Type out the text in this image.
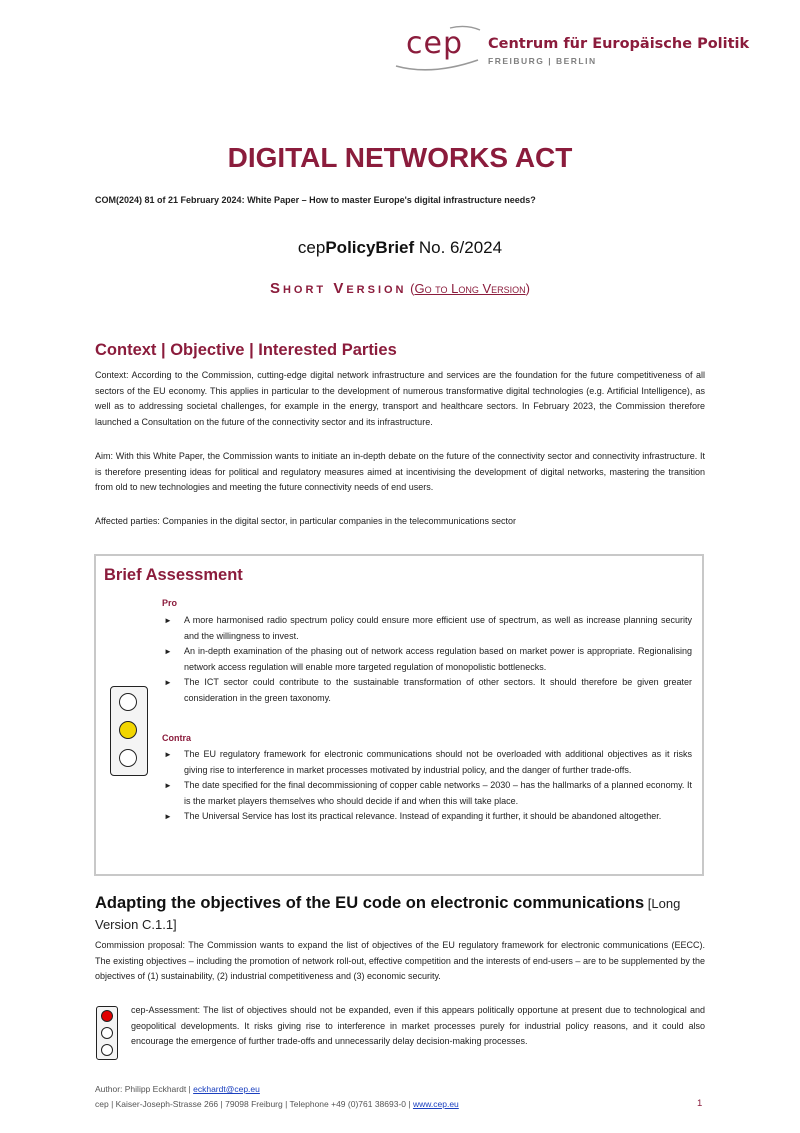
cep Centrum für Europäische Politik
FREIBURG | BERLIN
DIGITAL NETWORKS ACT
COM(2024) 81 of 21 February 2024: White Paper – How to master Europe's digital infrastructure needs?
cepPolicyBrief No. 6/2024
Short Version (Go to Long Version)
Context | Objective | Interested Parties
Context: According to the Commission, cutting-edge digital network infrastructure and services are the foundation for the future competitiveness of all sectors of the EU economy. This applies in particular to the development of numerous transformative digital technologies (e.g. Artificial Intelligence), as well as to addressing societal challenges, for example in the energy, transport and healthcare sectors. In February 2023, the Commission therefore launched a Consultation on the future of the connectivity sector and its infrastructure.
Aim: With this White Paper, the Commission wants to initiate an in-depth debate on the future of the connectivity sector and connectivity infrastructure. It is therefore presenting ideas for political and regulatory measures aimed at incentivising the development of digital networks, mastering the transition from old to new technologies and meeting the future connectivity needs of end users.
Affected parties: Companies in the digital sector, in particular companies in the telecommunications sector
Brief Assessment
Pro
► A more harmonised radio spectrum policy could ensure more efficient use of spectrum, as well as increase planning security and the willingness to invest.
► An in-depth examination of the phasing out of network access regulation based on market power is appropriate. Regionalising network access regulation will enable more targeted regulation of monopolistic bottlenecks.
► The ICT sector could contribute to the sustainable transformation of other sectors. It should therefore be given greater consideration in the green taxonomy.
Contra
► The EU regulatory framework for electronic communications should not be overloaded with additional objectives as it risks giving rise to interference in market processes motivated by industrial policy, and the danger of further trade-offs.
► The date specified for the final decommissioning of copper cable networks – 2030 – has the hallmarks of a planned economy. It is the market players themselves who should decide if and when this will take place.
► The Universal Service has lost its practical relevance. Instead of expanding it further, it should be abandoned altogether.
Adapting the objectives of the EU code on electronic communications [Long Version C.1.1]
Commission proposal: The Commission wants to expand the list of objectives of the EU regulatory framework for electronic communications (EECC). The existing objectives – including the promotion of network roll-out, effective competition and the interests of end-users – are to be supplemented by the objectives of (1) sustainability, (2) industrial competitiveness and (3) economic security.
cep-Assessment: The list of objectives should not be expanded, even if this appears politically opportune at present due to technological and geopolitical developments. It risks giving rise to interference in market processes purely for industrial policy reasons, and it could also encourage the emergence of further trade-offs and unnecessarily delay decision-making processes.
Author: Philipp Eckhardt | eckhardt@cep.eu
cep | Kaiser-Joseph-Strasse 266 | 79098 Freiburg | Telephone +49 (0)761 38693-0 | www.cep.eu	1
